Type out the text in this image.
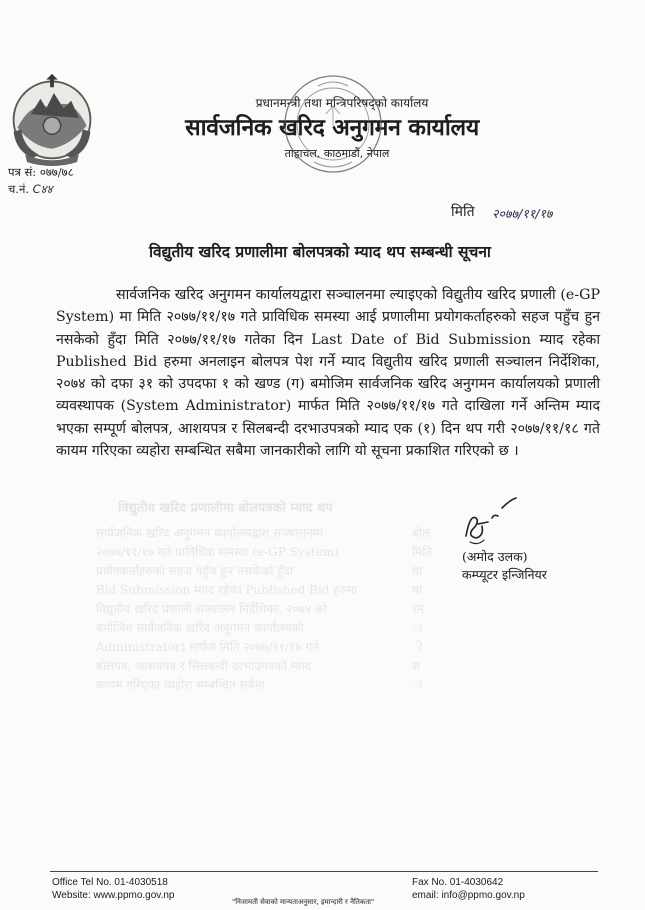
प्रधानमन्त्री तथा मन्त्रिपरिषद्को कार्यालय
सार्वजनिक खरिद अनुगमन कार्यालय
ताहाचल, काठमाडौं, नेपाल
पत्र सं: ०७७/७८
च.नं. C४४
मिति २०७७/११/१७
विद्युतीय खरिद प्रणालीमा बोलपत्रको म्याद थप सम्बन्धी सूचना
सार्वजनिक खरिद अनुगमन कार्यालयद्वारा सञ्चालनमा ल्याइएको विद्युतीय खरिद प्रणाली (e-GP System) मा मिति २०७७/११/१७ गते प्राविधिक समस्या आई प्रणालीमा प्रयोगकर्ताहरुको सहज पहुँच हुन नसकेको हुँदा मिति २०७७/११/१७ गतेका दिन Last Date of Bid Submission म्याद रहेका Published Bid हरुमा अनलाइन बोलपत्र पेश गर्ने म्याद विद्युतीय खरिद प्रणाली सञ्चालन निर्देशिका, २०७४ को दफा ३१ को उपदफा १ को खण्ड (ग) बमोजिम सार्वजनिक खरिद अनुगमन कार्यालयको प्रणाली व्यवस्थापक (System Administrator) मार्फत मिति २०७७/११/१७ गते दाखिला गर्ने अन्तिम म्याद भएका सम्पूर्ण बोलपत्र, आशयपत्र र सिलबन्दी दरभाउपत्रको म्याद एक (१) दिन थप गरी २०७७/११/१८ गते कायम गरिएका व्यहोरा सम्बन्धित सबैमा जानकारीको लागि यो सूचना प्रकाशित गरिएको छ ।
विद्युतीय खरिद प्रणालीमा बोलपत्रको म्याद थप
सार्वजनिक खरिद अनुगमन कार्यालयद्वारा सञ्चालनमा
२०७७/११/१७ गते प्राविधिक समस्या (e-GP System)
प्रयोगकर्ताहरुको सहज पहुँच हुन नसकेको हुँदा
Bid Submission म्याद रहेका Published Bid हरुमा
विद्युतीय खरिद प्रणाली सञ्चालन निर्देशिका, २०७४ को
बमोजिम सार्वजनिक खरिद अनुगमन कार्यालयको
Administrator) मार्फत मिति २०७७/११/१७ गते
बोलपत्र, आशयपत्र र सिलबन्दी दरभाउपत्रको म्याद
कायम गरिएका व्यहोरा सम्बन्धित सबैमा
बोल
मिति
या
या
रम
ा
ी
श
ा
(अमोद उलक)
कम्प्यूटर इन्जिनियर
Office Tel No. 01-4030518
Website: www.ppmo.gov.np
Fax No. 01-4030642
email: info@ppmo.gov.np
"निजामती सेवाको मान्यताअनुसार, इमान्दारी र नैतिकता"
